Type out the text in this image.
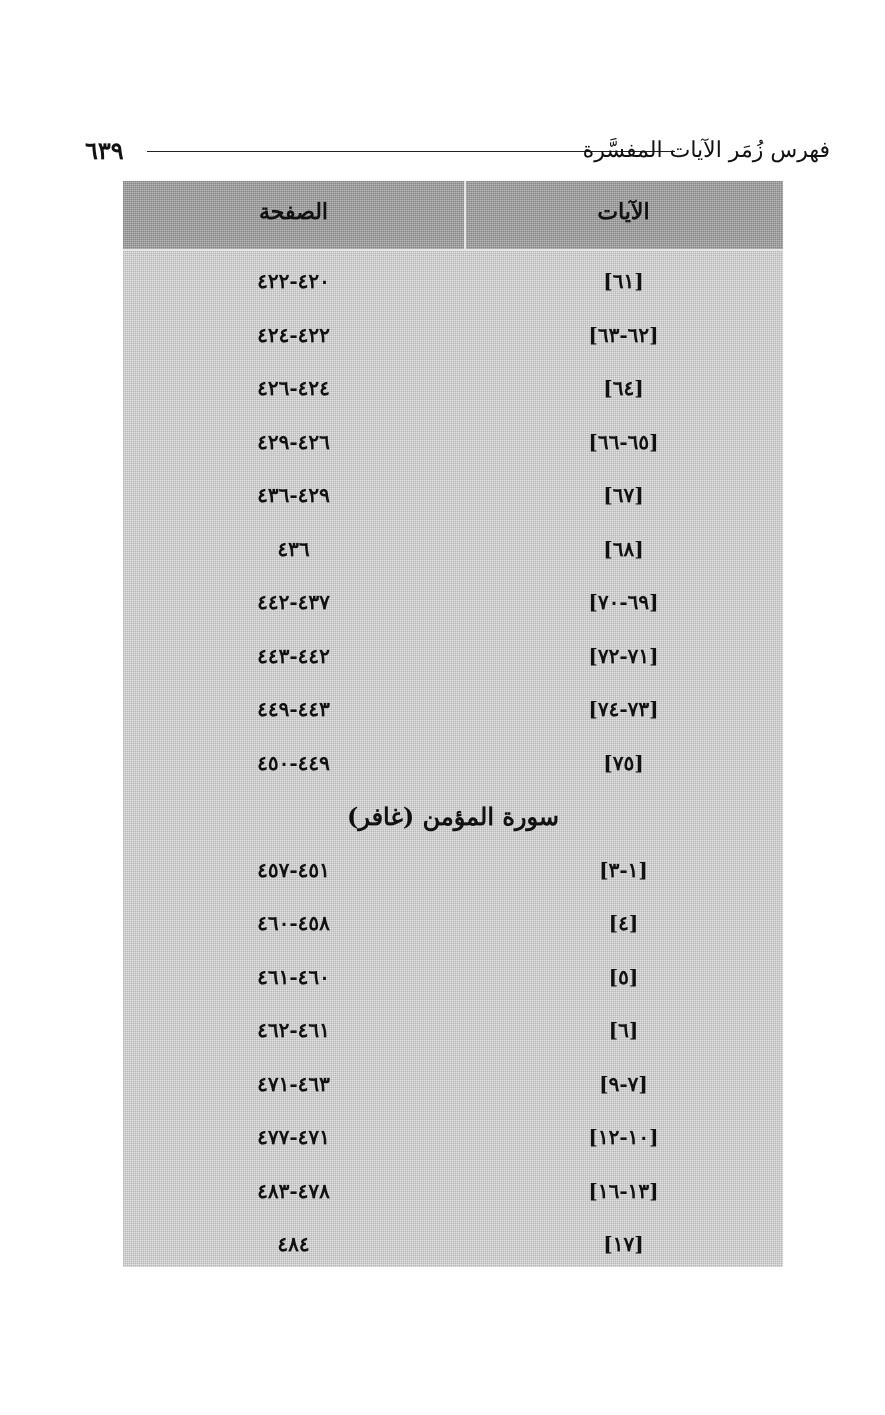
٦٣٩	فهرس زُمَر الآيات المفسَّرة
الآيات
الصفحة
[٦١]
٤٢٠-٤٢٢
[٦٢-٦٣]
٤٢٢-٤٢٤
[٦٤]
٤٢٤-٤٢٦
[٦٥-٦٦]
٤٢٦-٤٢٩
[٦٧]
٤٢٩-٤٣٦
[٦٨]
٤٣٦
[٦٩-٧٠]
٤٣٧-٤٤٢
[٧١-٧٢]
٤٤٢-٤٤٣
[٧٣-٧٤]
٤٤٣-٤٤٩
[٧٥]
٤٤٩-٤٥٠
سورة المؤمن (غافر)
[١-٣]
٤٥١-٤٥٧
[٤]
٤٥٨-٤٦٠
[٥]
٤٦٠-٤٦١
[٦]
٤٦١-٤٦٢
[٧-٩]
٤٦٣-٤٧١
[١٠-١٢]
٤٧١-٤٧٧
[١٣-١٦]
٤٧٨-٤٨٣
[١٧]
٤٨٤
